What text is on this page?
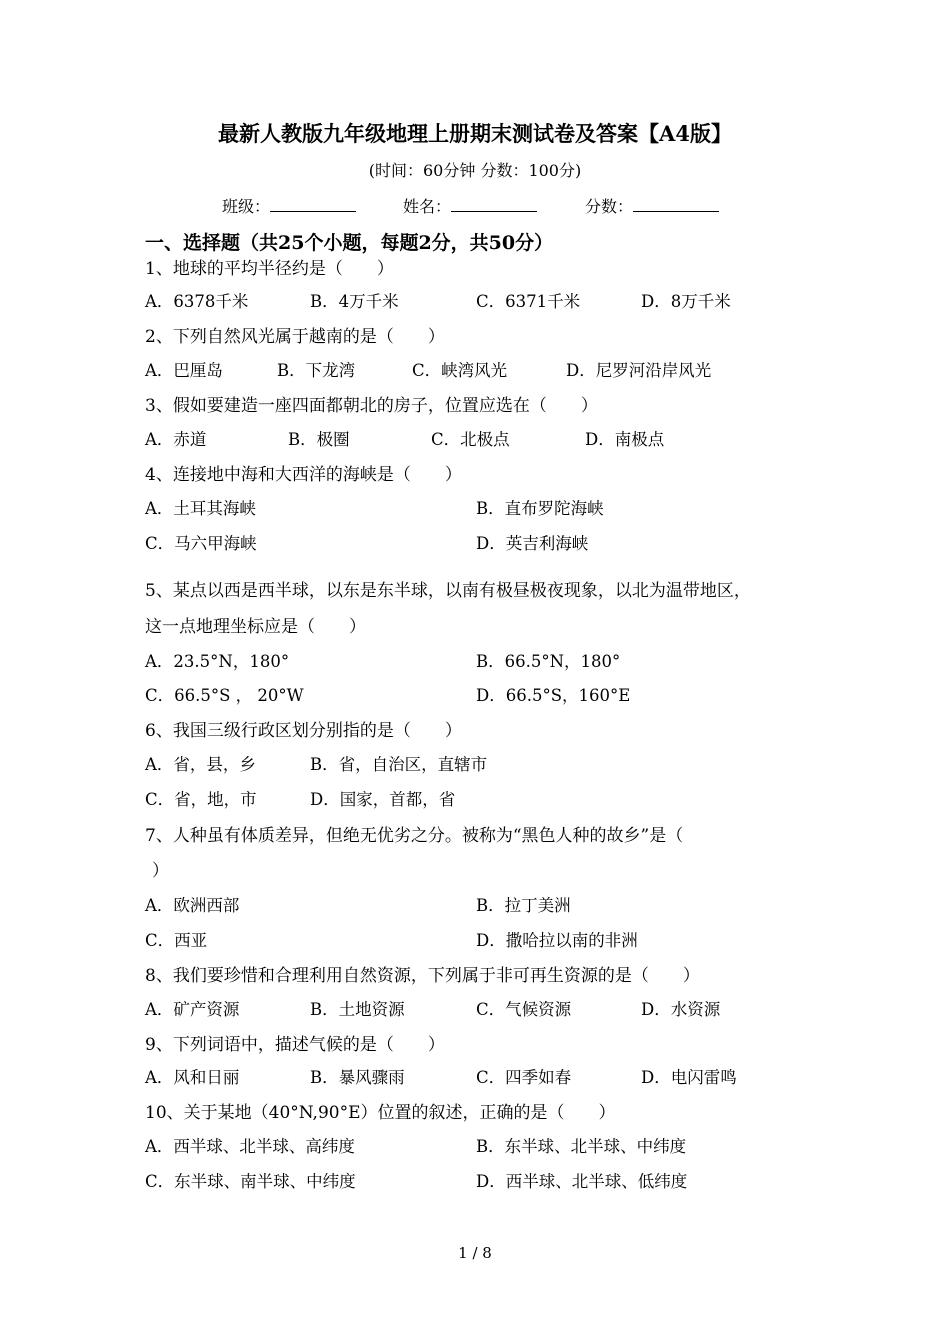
最新人教版九年级地理上册期末测试卷及答案【A4版】
(时间：60分钟 分数：100分)
班级：	姓名：	分数：
一、选择题（共25个小题，每题2分，共50分）
1、地球的平均半径约是（　　）
A．6378千米	B．4万千米	C．6371千米	D．8万千米
2、下列自然风光属于越南的是（　　）
A．巴厘岛	B．下龙湾	C．峡湾风光	D．尼罗河沿岸风光
3、假如要建造一座四面都朝北的房子，位置应选在（　　）
A．赤道	B．极圈	C．北极点	D．南极点
4、连接地中海和大西洋的海峡是（　　）
A．土耳其海峡	B．直布罗陀海峡
C．马六甲海峡	D．英吉利海峡
5、某点以西是西半球，以东是东半球，以南有极昼极夜现象，以北为温带地区，
这一点地理坐标应是（　　）
A．23.5°N，180°	B．66.5°N，180°
C．66.5°S ， 20°W	D．66.5°S，160°E
6、我国三级行政区划分别指的是（　　）
A．省，县，乡	B．省，自治区，直辖市
C．省，地，市	D．国家，首都，省
7、人种虽有体质差异，但绝无优劣之分。被称为“黑色人种的故乡”是（
）
A．欧洲西部	B．拉丁美洲
C．西亚	D．撒哈拉以南的非洲
8、我们要珍惜和合理利用自然资源，下列属于非可再生资源的是（　　）
A．矿产资源	B．土地资源	C．气候资源	D．水资源
9、下列词语中，描述气候的是（　　）
A．风和日丽	B．暴风骤雨	C．四季如春	D．电闪雷鸣
10、关于某地（40°N,90°E）位置的叙述，正确的是（　　）
A．西半球、北半球、高纬度	B．东半球、北半球、中纬度
C．东半球、南半球、中纬度	D．西半球、北半球、低纬度
1 / 8
